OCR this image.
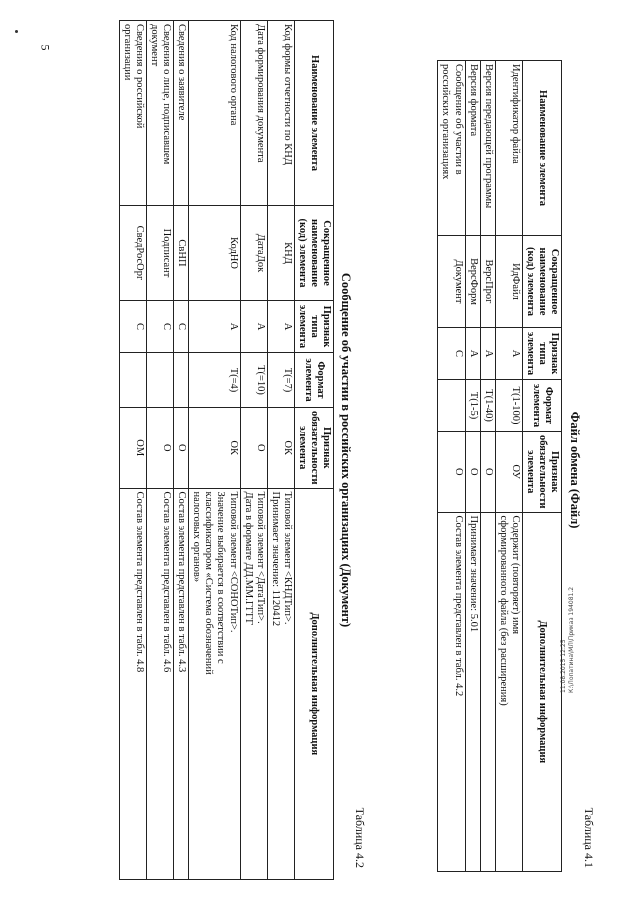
5
Таблица 4.1
Файл обмена (Файл)
Наименование элемента	Сокращенное наименование (код) элемента	Признак типа элемента	Формат элемента	Признак обязательности элемента	Дополнительная информация

Идентификатор файла	ИдФайл	А	T(1-100)	ОУ	Содержит (повторяет) имя
сформированного файла (без расширения)

Версия передающей программы	ВерсПрог	А	T(1-40)	О	

Версия формата	ВерсФорм	А	T(1-5)	О	Принимает значение: 5.01

Сообщение об участии в
российских организациях	Документ	С		О	Состав элемента представлен в табл. 4.2
Таблица 4.2
Сообщение об участии в российских организациях (Документ)
Наименование элемента	Сокращенное наименование (код) элемента	Признак типа элемента	Формат элемента	Признак обязательности элемента	Дополнительная информация

Код формы отчетности по КНД	КНД	А	T(=7)	ОК	Типовой элемент <КНДТип>.
Принимает значение: 1120412

Дата формирования документа	ДатаДок	А	T(=10)	О	Типовой элемент <ДатаТип>.
Дата в формате ДД.ММ.ГГГГ

Код налогового органа	КодНО	А	T(=4)	ОК	Типовой элемент <СОНОТип>.
Значение выбирается в соответствии с
классификатором «Система обозначений
налоговых органов»

Сведения о заявителе	СвНП	С		О	Состав элемента представлен в табл. 4.3

Сведения о лице, подписавшем
документ	Подписант	С		О	Состав элемента представлен в табл. 4.6

Сведения о российской
организации	СведРосОрг	С		ОМ	Состав элемента представлен в табл. 4.8	11.08.2015 12:25 К:\Лопатина\МЛ\Приказ 194081.2
